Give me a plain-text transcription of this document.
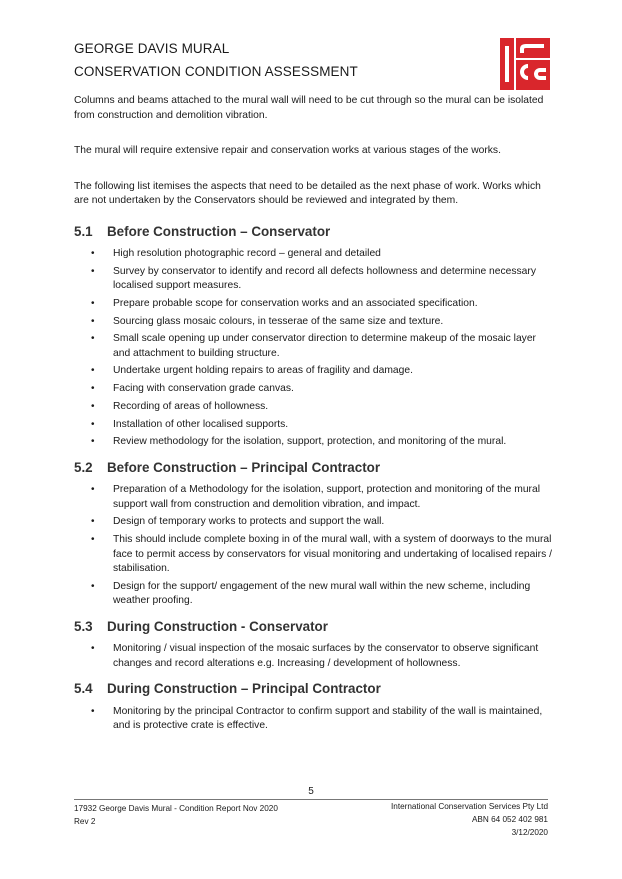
GEORGE DAVIS MURAL
CONSERVATION CONDITION ASSESSMENT

Columns and beams attached to the mural wall will need to be cut through so the mural can be isolated from construction and demolition vibration.

The mural will require extensive repair and conservation works at various stages of the works.

The following list itemises the aspects that need to be detailed as the next phase of work. Works which are not undertaken by the Conservators should be reviewed and integrated by them.

5.1	Before Construction – Conservator
• High resolution photographic record – general and detailed
• Survey by conservator to identify and record all defects hollowness and determine necessary localised support measures.
• Prepare probable scope for conservation works and an associated specification.
• Sourcing glass mosaic colours, in tesserae of the same size and texture.
• Small scale opening up under conservator direction to determine makeup of the mosaic layer and attachment to building structure.
• Undertake urgent holding repairs to areas of fragility and damage.
• Facing with conservation grade canvas.
• Recording of areas of hollowness.
• Installation of other localised supports.
• Review methodology for the isolation, support, protection, and monitoring of the mural.
5.2	Before Construction – Principal Contractor
• Preparation of a Methodology for the isolation, support, protection and monitoring of the mural support wall from construction and demolition vibration, and impact.
• Design of temporary works to protects and support the wall.
• This should include complete boxing in of the mural wall, with a system of doorways to the mural face to permit access by conservators for visual monitoring and undertaking of localised repairs / stabilisation.
• Design for the support/ engagement of the new mural wall within the new scheme, including weather proofing.
5.3	During Construction - Conservator
• Monitoring / visual inspection of the mosaic surfaces by the conservator to observe significant changes and record alterations e.g. Increasing / development of hollowness.
5.4	During Construction – Principal Contractor
• Monitoring by the principal Contractor to confirm support and stability of the wall is maintained, and is protective crate is effective.
5
17932 George Davis Mural - Condition Report Nov 2020
Rev 2
International Conservation Services Pty Ltd
ABN 64 052 402 981
3/12/2020
